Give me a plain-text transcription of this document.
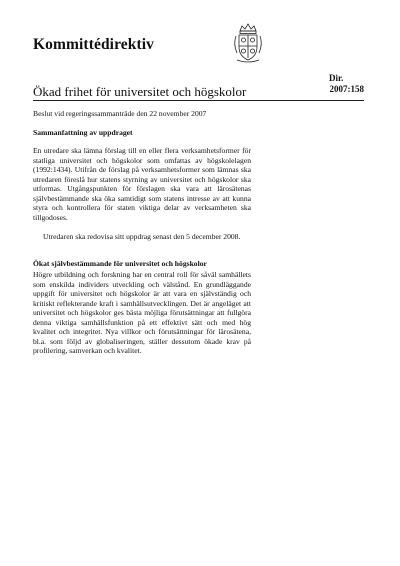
Kommittédirektiv
Dir.
2007:158
Ökad frihet för universitet och högskolor
Beslut vid regeringssammanträde den 22 november 2007
Sammanfattning av uppdraget

En utredare ska lämna förslag till en eller flera verksamhetsformer för statliga universitet och högskolor som omfattas av högskolelagen (1992:1434). Utifrån de förslag på verksamhetsformer som lämnas ska utredaren föreslå hur statens styrning av universitet och högskolor ska utformas. Utgångspunkten för förslagen ska vara att lärosätenas självbestämmande ska öka samtidigt som statens intresse av att kunna styra och kontrollera för staten viktiga delar av verksamheten ska tillgodoses.

Utredaren ska redovisa sitt uppdrag senast den 5 december 2008.

Ökat självbestämmande för universitet och högskolor

Högre utbildning och forskning har en central roll för såväl samhällets som enskilda individers utveckling och välstånd. En grundläggande uppgift för universitet och högskolor är att vara en självständig och kritiskt reflekterande kraft i samhällsutvecklingen. Det är angeläget att universitet och högskolor ges bästa möjliga förutsättningar att fullgöra denna viktiga samhällsfunktion på ett effektivt sätt och med hög kvalitet och integritet. Nya villkor och förutsättningar för lärosätena, bl.a. som följd av globaliseringen, ställer dessutom ökade krav på profilering, samverkan och kvalitet.
